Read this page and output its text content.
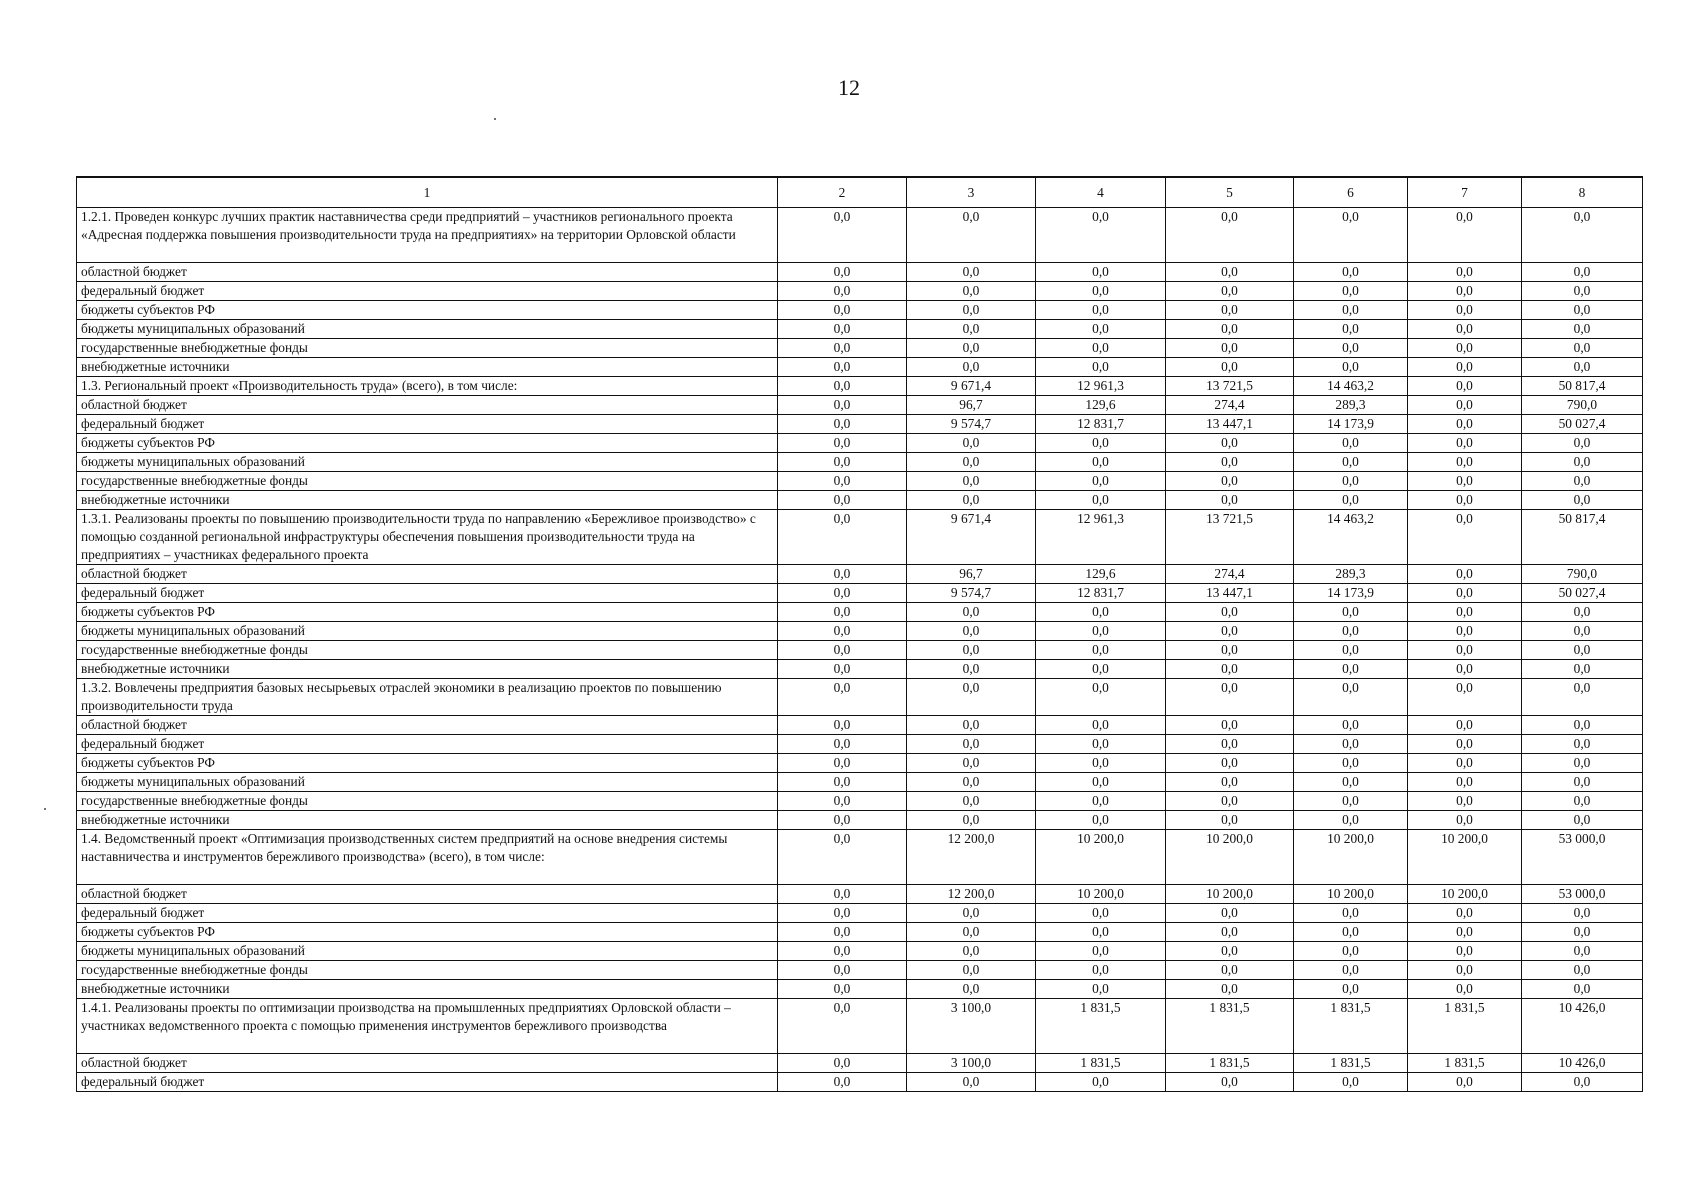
12
1	2	3	4	5	6	7	8
1.2.1. Проведен конкурс лучших практик наставничества среди предприятий – участников регионального проекта «Адресная поддержка повышения производительности труда на предприятиях» на территории Орловской области	0,0	0,0	0,0	0,0	0,0	0,0	0,0
областной бюджет	0,0	0,0	0,0	0,0	0,0	0,0	0,0
федеральный бюджет	0,0	0,0	0,0	0,0	0,0	0,0	0,0
бюджеты субъектов РФ	0,0	0,0	0,0	0,0	0,0	0,0	0,0
бюджеты муниципальных образований	0,0	0,0	0,0	0,0	0,0	0,0	0,0
государственные внебюджетные фонды	0,0	0,0	0,0	0,0	0,0	0,0	0,0
внебюджетные источники	0,0	0,0	0,0	0,0	0,0	0,0	0,0
1.3. Региональный проект «Производительность труда» (всего), в том числе:	0,0	9 671,4	12 961,3	13 721,5	14 463,2	0,0	50 817,4
областной бюджет	0,0	96,7	129,6	274,4	289,3	0,0	790,0
федеральный бюджет	0,0	9 574,7	12 831,7	13 447,1	14 173,9	0,0	50 027,4
бюджеты субъектов РФ	0,0	0,0	0,0	0,0	0,0	0,0	0,0
бюджеты муниципальных образований	0,0	0,0	0,0	0,0	0,0	0,0	0,0
государственные внебюджетные фонды	0,0	0,0	0,0	0,0	0,0	0,0	0,0
внебюджетные источники	0,0	0,0	0,0	0,0	0,0	0,0	0,0
1.3.1. Реализованы проекты по повышению производительности труда по направлению «Бережливое производство» с помощью созданной региональной инфраструктуры обеспечения повышения производительности труда на предприятиях – участниках федерального проекта	0,0	9 671,4	12 961,3	13 721,5	14 463,2	0,0	50 817,4
областной бюджет	0,0	96,7	129,6	274,4	289,3	0,0	790,0
федеральный бюджет	0,0	9 574,7	12 831,7	13 447,1	14 173,9	0,0	50 027,4
бюджеты субъектов РФ	0,0	0,0	0,0	0,0	0,0	0,0	0,0
бюджеты муниципальных образований	0,0	0,0	0,0	0,0	0,0	0,0	0,0
государственные внебюджетные фонды	0,0	0,0	0,0	0,0	0,0	0,0	0,0
внебюджетные источники	0,0	0,0	0,0	0,0	0,0	0,0	0,0
1.3.2. Вовлечены предприятия базовых несырьевых отраслей экономики в реализацию проектов по повышению производительности труда	0,0	0,0	0,0	0,0	0,0	0,0	0,0
областной бюджет	0,0	0,0	0,0	0,0	0,0	0,0	0,0
федеральный бюджет	0,0	0,0	0,0	0,0	0,0	0,0	0,0
бюджеты субъектов РФ	0,0	0,0	0,0	0,0	0,0	0,0	0,0
бюджеты муниципальных образований	0,0	0,0	0,0	0,0	0,0	0,0	0,0
государственные внебюджетные фонды	0,0	0,0	0,0	0,0	0,0	0,0	0,0
внебюджетные источники	0,0	0,0	0,0	0,0	0,0	0,0	0,0
1.4. Ведомственный проект «Оптимизация производственных систем предприятий на основе внедрения системы наставничества и инструментов бережливого производства» (всего), в том числе:	0,0	12 200,0	10 200,0	10 200,0	10 200,0	10 200,0	53 000,0
областной бюджет	0,0	12 200,0	10 200,0	10 200,0	10 200,0	10 200,0	53 000,0
федеральный бюджет	0,0	0,0	0,0	0,0	0,0	0,0	0,0
бюджеты субъектов РФ	0,0	0,0	0,0	0,0	0,0	0,0	0,0
бюджеты муниципальных образований	0,0	0,0	0,0	0,0	0,0	0,0	0,0
государственные внебюджетные фонды	0,0	0,0	0,0	0,0	0,0	0,0	0,0
внебюджетные источники	0,0	0,0	0,0	0,0	0,0	0,0	0,0
1.4.1. Реализованы проекты по оптимизации производства на промышленных предприятиях Орловской области – участниках ведомственного проекта с помощью применения инструментов бережливого производства	0,0	3 100,0	1 831,5	1 831,5	1 831,5	1 831,5	10 426,0
областной бюджет	0,0	3 100,0	1 831,5	1 831,5	1 831,5	1 831,5	10 426,0
федеральный бюджет	0,0	0,0	0,0	0,0	0,0	0,0	0,0
